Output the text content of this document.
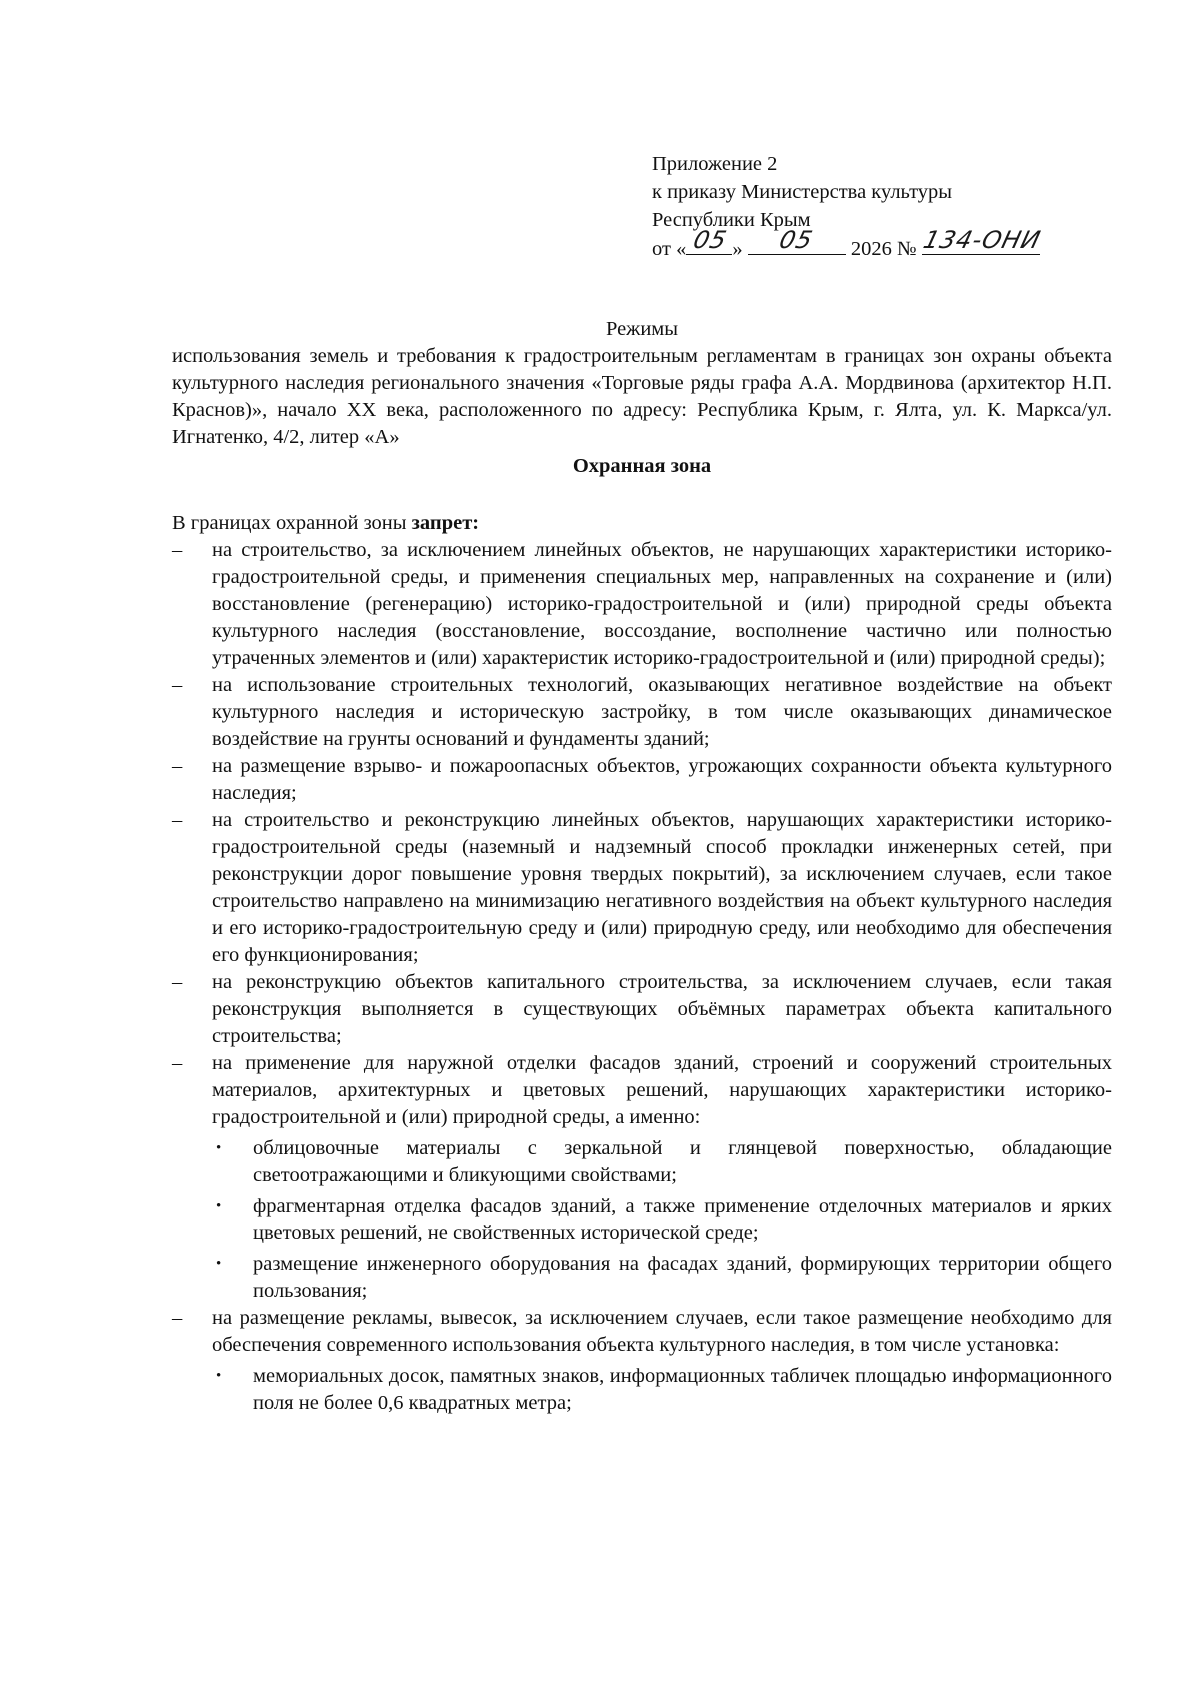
Приложение 2
к приказу Министерства культуры
Республики Крым
от « 05 » 05 2026 № 134-ОНИ
Режимы
использования земель и требования к градостроительным регламентам в границах зон охраны объекта культурного наследия регионального значения «Торговые ряды графа А.А. Мордвинова (архитектор Н.П. Краснов)», начало XX века, расположенного по адресу: Республика Крым, г. Ялта, ул. К. Маркса/ул. Игнатенко, 4/2, литер «А»
Охранная зона
В границах охранной зоны запрет:
– на строительство, за исключением линейных объектов, не нарушающих характеристики историко-градостроительной среды, и применения специальных мер, направленных на сохранение и (или) восстановление (регенерацию) историко-градостроительной и (или) природной среды объекта культурного наследия (восстановление, воссоздание, восполнение частично или полностью утраченных элементов и (или) характеристик историко-градостроительной и (или) природной среды);
– на использование строительных технологий, оказывающих негативное воздействие на объект культурного наследия и историческую застройку, в том числе оказывающих динамическое воздействие на грунты оснований и фундаменты зданий;
– на размещение взрыво- и пожароопасных объектов, угрожающих сохранности объекта культурного наследия;
– на строительство и реконструкцию линейных объектов, нарушающих характеристики историко-градостроительной среды (наземный и надземный способ прокладки инженерных сетей, при реконструкции дорог повышение уровня твердых покрытий), за исключением случаев, если такое строительство направлено на минимизацию негативного воздействия на объект культурного наследия и его историко-градостроительную среду и (или) природную среду, или необходимо для обеспечения его функционирования;
– на реконструкцию объектов капитального строительства, за исключением случаев, если такая реконструкция выполняется в существующих объёмных параметрах объекта капитального строительства;
– на применение для наружной отделки фасадов зданий, строений и сооружений строительных материалов, архитектурных и цветовых решений, нарушающих характеристики историко-градостроительной и (или) природной среды, а именно:
• облицовочные материалы с зеркальной и глянцевой поверхностью, обладающие светоотражающими и бликующими свойствами;
• фрагментарная отделка фасадов зданий, а также применение отделочных материалов и ярких цветовых решений, не свойственных исторической среде;
• размещение инженерного оборудования на фасадах зданий, формирующих территории общего пользования;
– на размещение рекламы, вывесок, за исключением случаев, если такое размещение необходимо для обеспечения современного использования объекта культурного наследия, в том числе установка:
• мемориальных досок, памятных знаков, информационных табличек площадью информационного поля не более 0,6 квадратных метра;
